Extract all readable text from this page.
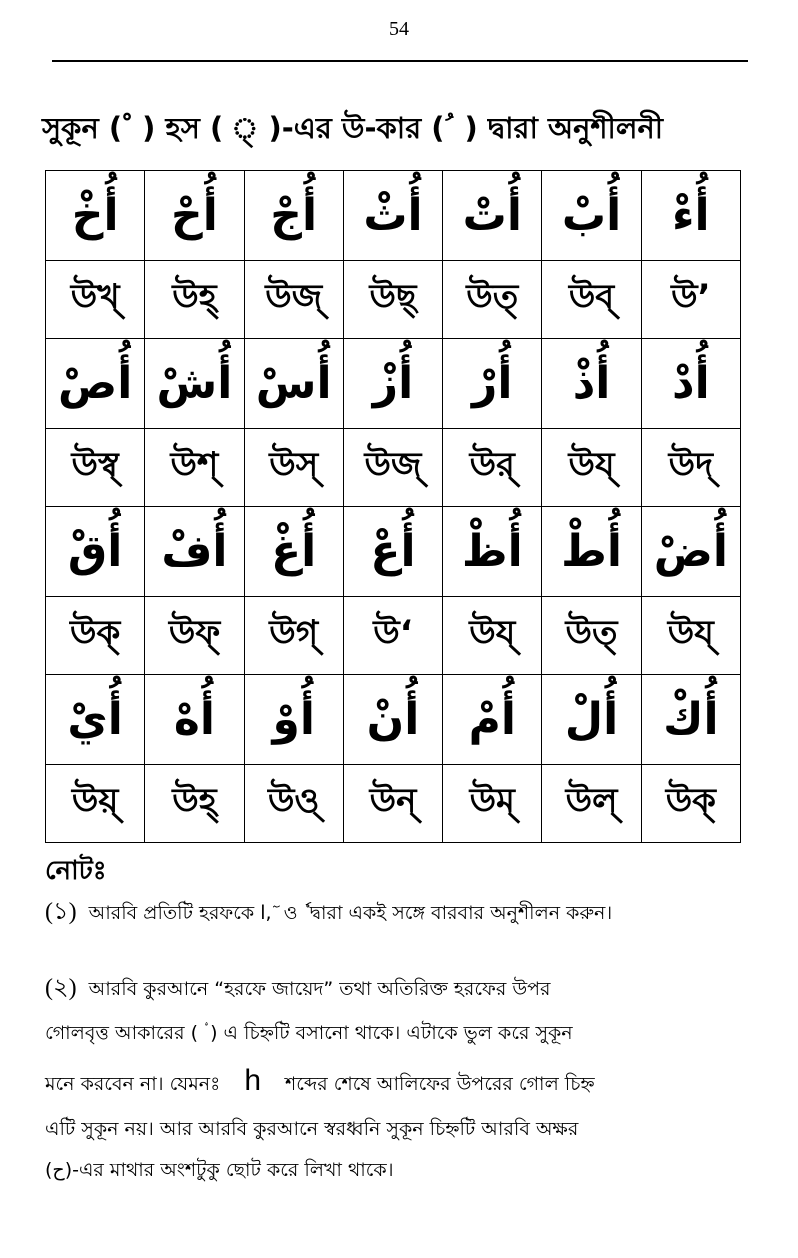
54
সুকূন ( ْ ) হস ( ্ )-এর উ-কার ( ُ ) দ্বারা অনুশীলনী
أُخْ	أُحْ	أُجْ	أُثْ	أُتْ	أُبْ	أُءْ
উখ্	উহ্	উজ্	উছ্	উত্	উব্	উ’
أُصْ	أُشْ	أُسْ	أُزْ	أُرْ	أُذْ	أُدْ
উস্ব্	উশ্	উস্	উজ্	উর্	উয্	উদ্
أُقْ	أُفْ	أُغْ	أُعْ	أُظْ	أُطْ	أُضْ
উক্	উফ্	উগ্	উ‘	উয্	উত্	উয্
أُيْ	أُهْ	أُوْ	أُنْ	أُمْ	أُلْ	أُكْ
উয়্	উহ্	উও্	উন্	উম্	উল্	উক্
নোটঃ
(১) আরবি প্রতিটি হরফকে ا, ٓ ও ٗ দ্বারা একই সঙ্গে বারবার অনুশীলন করুন।
(২) আরবি কুরআনে “হরফে জায়েদ” তথা অতিরিক্ত হরফের উপর
গোলবৃত্ত আকারের ( ۟ ) এ চিহ্নটি বসানো থাকে। এটাকে ভুল করে সুকূন
মনে করবেন না। যেমনঃ h শব্দের শেষে আলিফের উপরের গোল চিহ্ন
এটি সুকূন নয়। আর আরবি কুরআনে স্বরধ্বনি সুকূন চিহ্নটি আরবি অক্ষর
(ح)-এর মাথার অংশটুকু ছোট করে লিখা থাকে।
